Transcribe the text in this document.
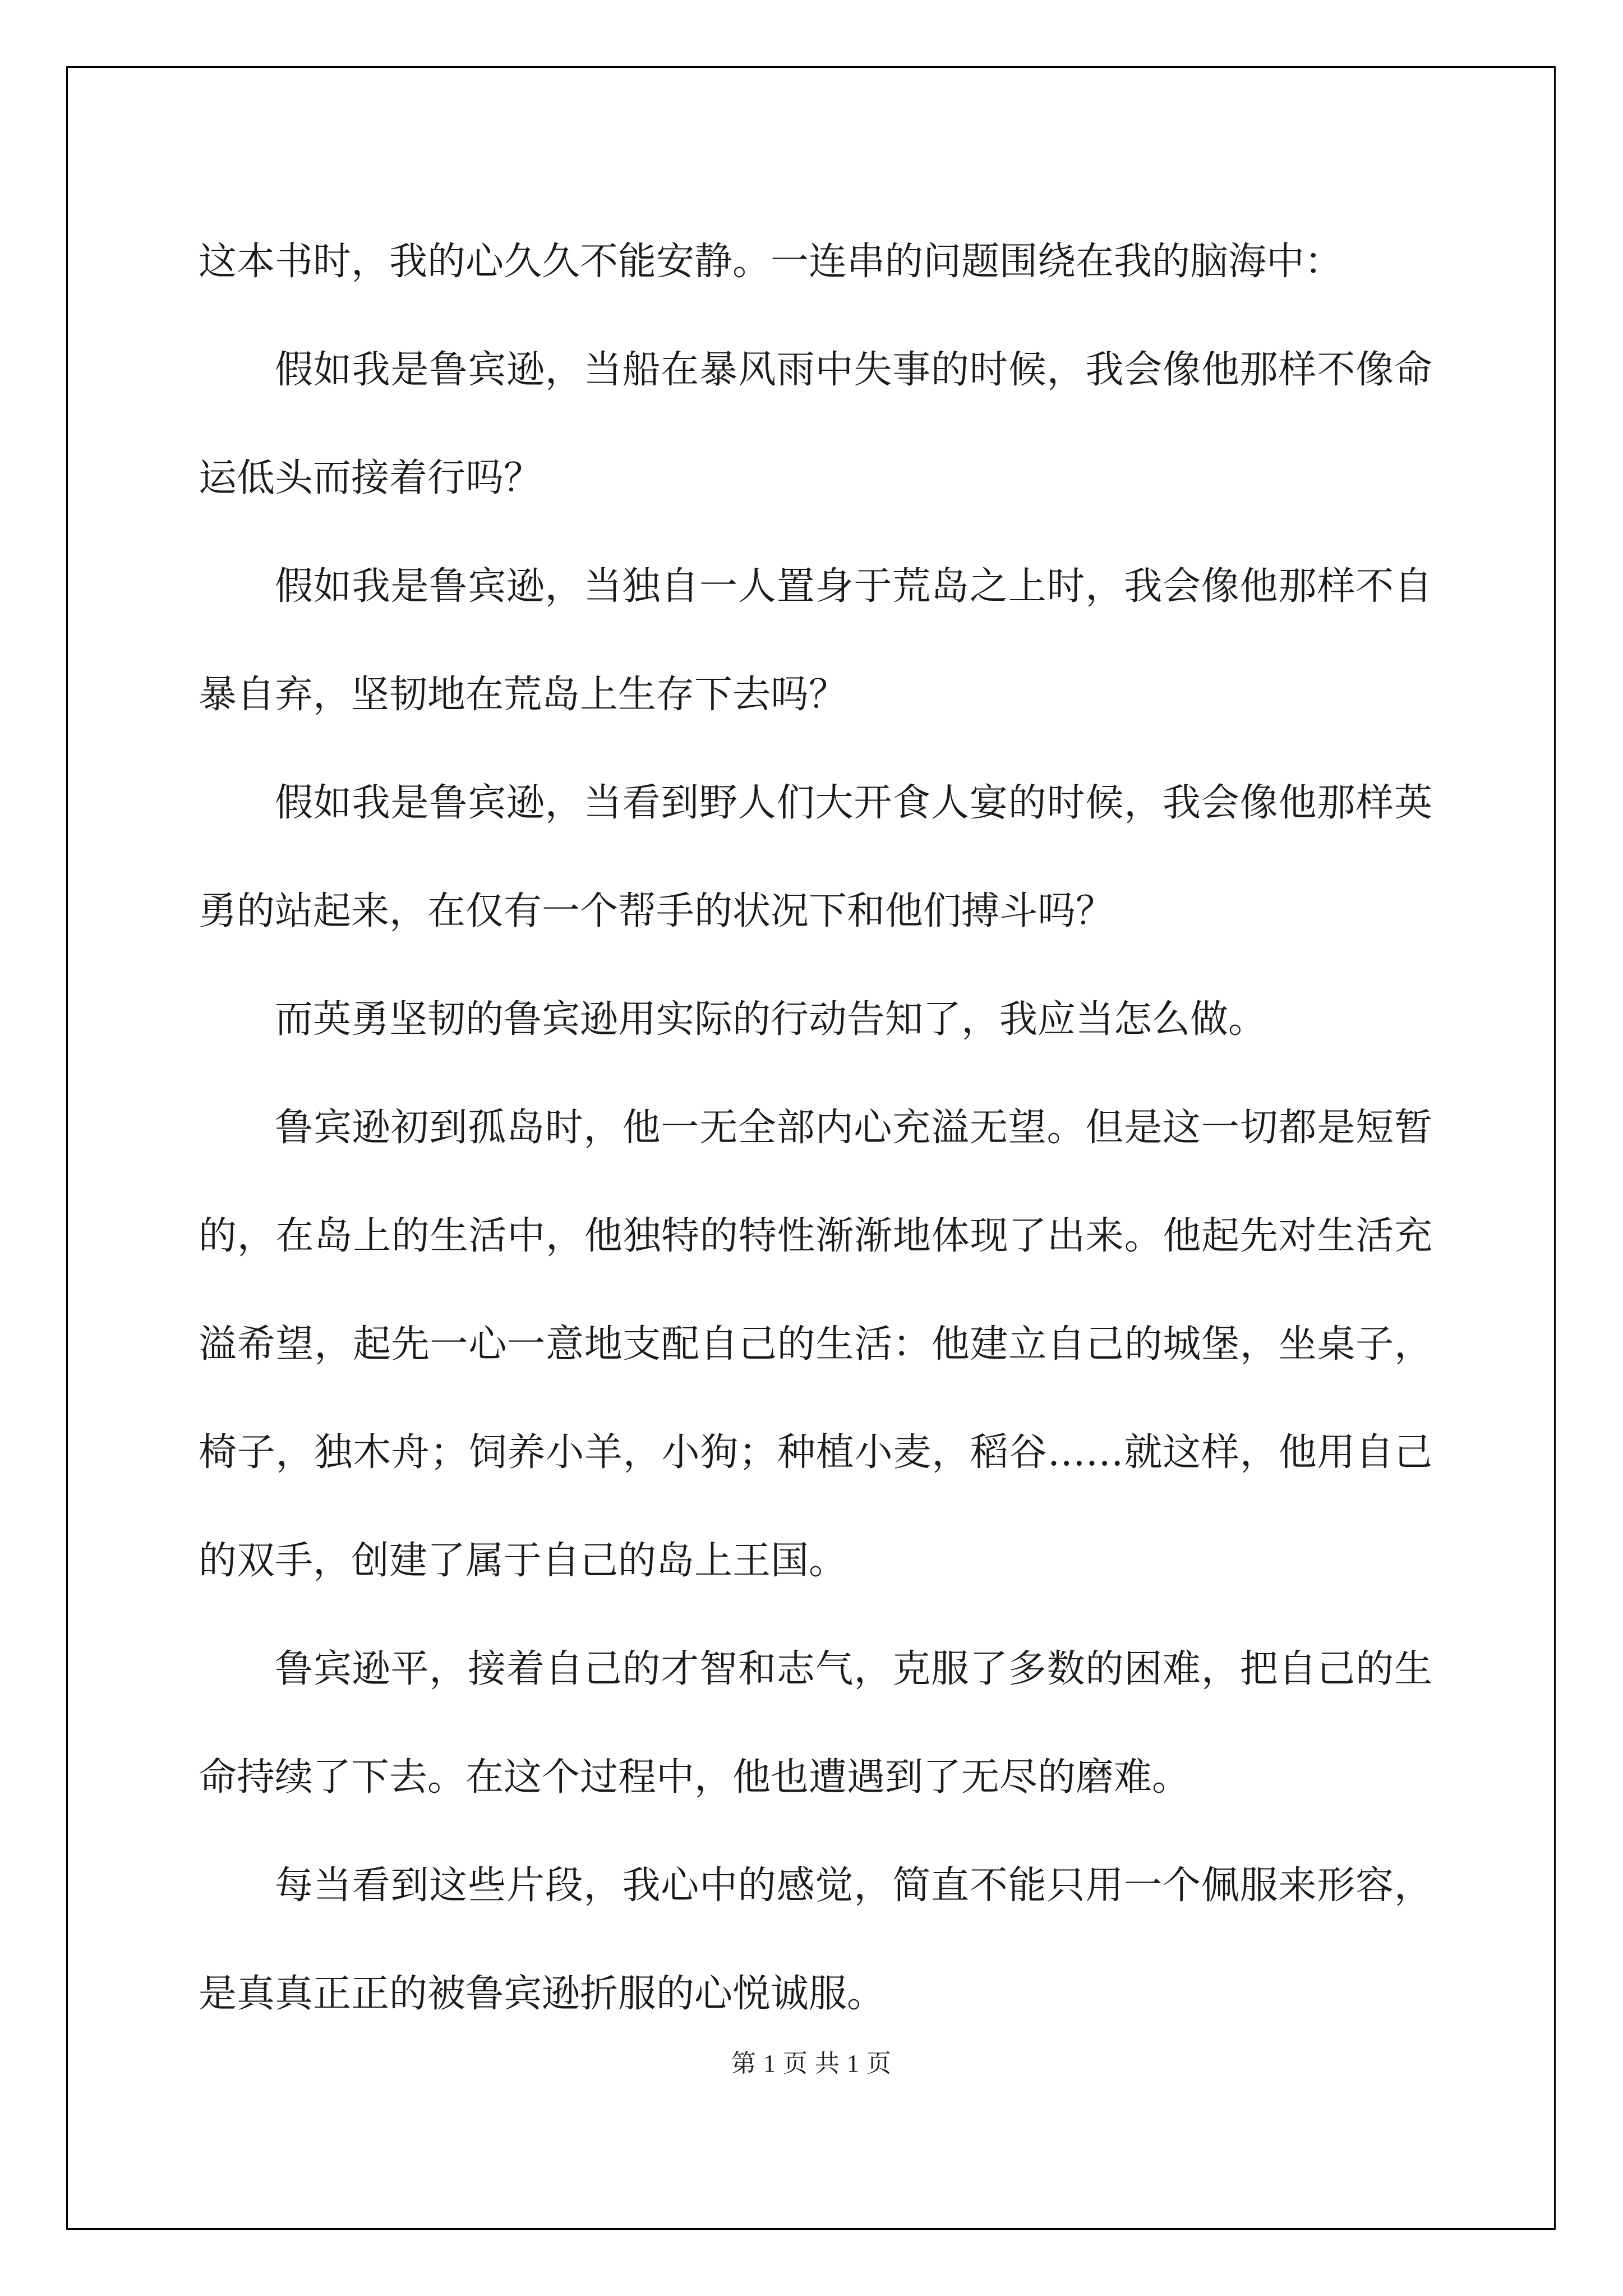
这本书时，我的心久久不能安静。一连串的问题围绕在我的脑海中：

假如我是鲁宾逊，当船在暴风雨中失事的时候，我会像他那样不像命运低头而接着行吗？

假如我是鲁宾逊，当独自一人置身于荒岛之上时，我会像他那样不自暴自弃，坚韧地在荒岛上生存下去吗？

假如我是鲁宾逊，当看到野人们大开食人宴的时候，我会像他那样英勇的站起来，在仅有一个帮手的状况下和他们搏斗吗？

而英勇坚韧的鲁宾逊用实际的行动告知了，我应当怎么做。

鲁宾逊初到孤岛时，他一无全部内心充溢无望。但是这一切都是短暂的，在岛上的生活中，他独特的特性渐渐地体现了出来。他起先对生活充溢希望，起先一心一意地支配自己的生活：他建立自己的城堡，坐桌子，椅子，独木舟；饲养小羊，小狗；种植小麦，稻谷……就这样，他用自己的双手，创建了属于自己的岛上王国。

鲁宾逊平，接着自己的才智和志气，克服了多数的困难，把自己的生命持续了下去。在这个过程中，他也遭遇到了无尽的磨难。

每当看到这些片段，我心中的感觉，简直不能只用一个佩服来形容，是真真正正的被鲁宾逊折服的心悦诚服。

第 1 页 共 1 页
